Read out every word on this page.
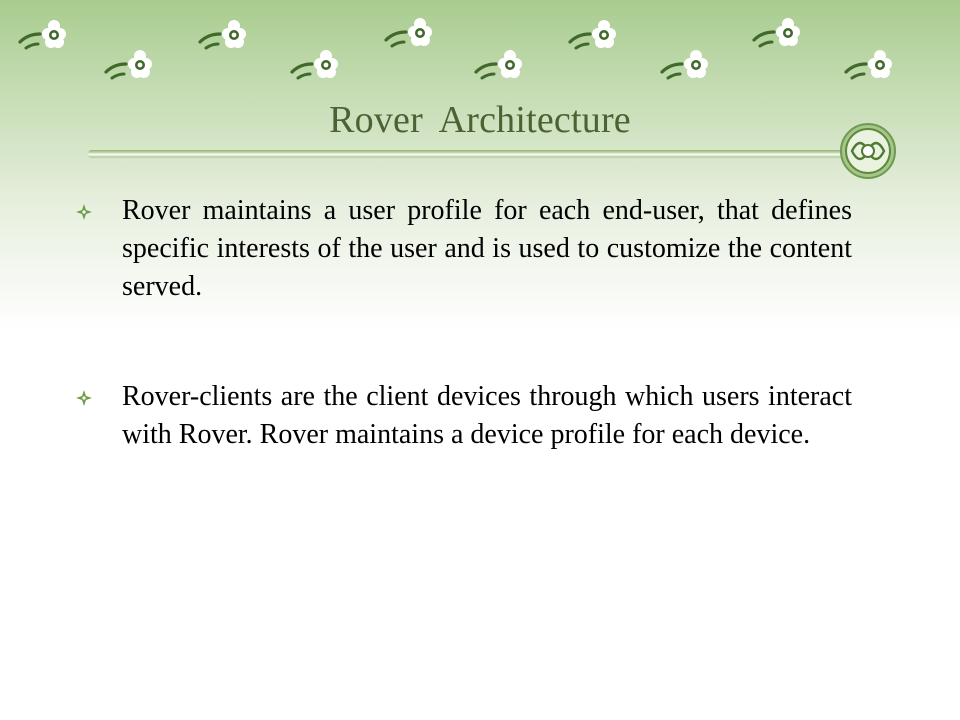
Rover Architecture
Rover maintains a user profile for each end-user, that defines specific interests of the user and is used to customize the content served.
Rover-clients are the client devices through which users interact with Rover. Rover maintains a device profile for each device.
